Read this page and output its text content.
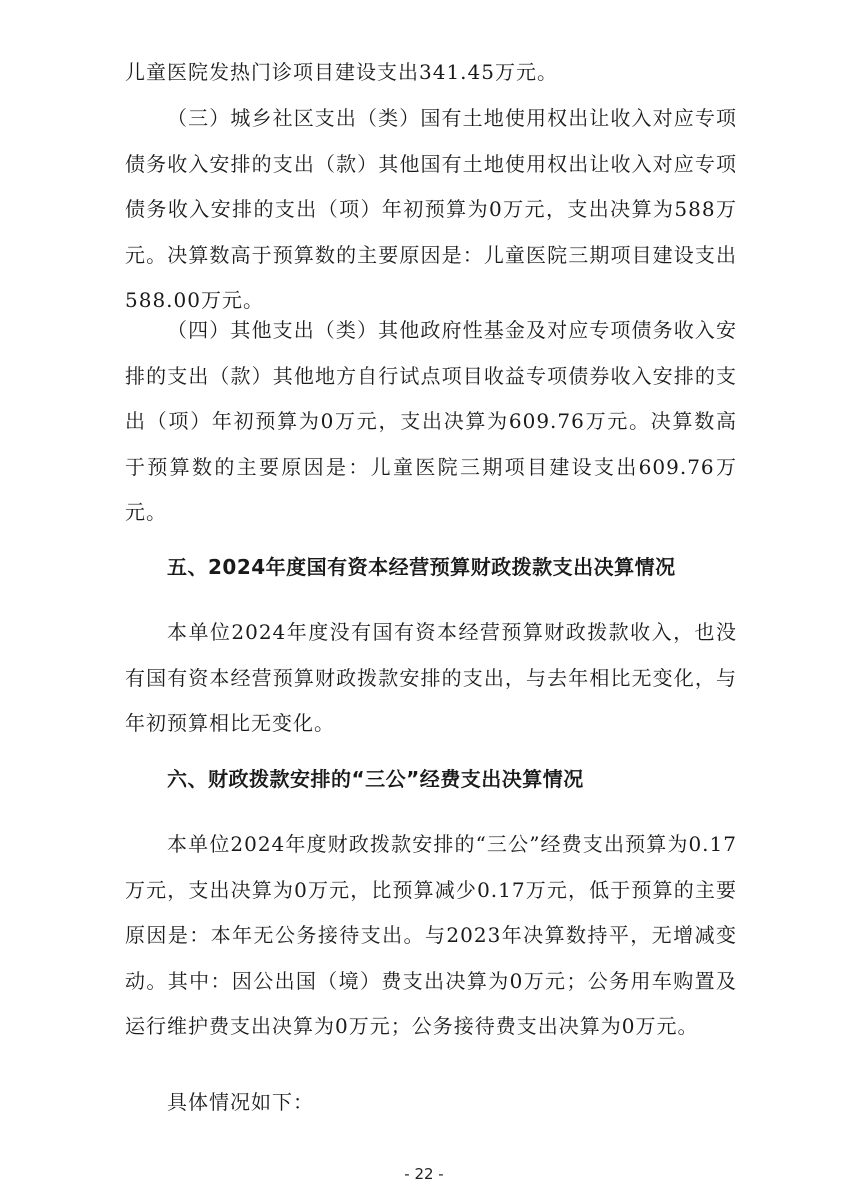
儿童医院发热门诊项目建设支出341.45万元。

（三）城乡社区支出（类）国有土地使用权出让收入对应专项债务收入安排的支出（款）其他国有土地使用权出让收入对应专项债务收入安排的支出（项）年初预算为0万元，支出决算为588万元。决算数高于预算数的主要原因是：儿童医院三期项目建设支出588.00万元。

（四）其他支出（类）其他政府性基金及对应专项债务收入安排的支出（款）其他地方自行试点项目收益专项债券收入安排的支出（项）年初预算为0万元，支出决算为609.76万元。决算数高于预算数的主要原因是：儿童医院三期项目建设支出609.76万元。

五、2024年度国有资本经营预算财政拨款支出决算情况

本单位2024年度没有国有资本经营预算财政拨款收入，也没有国有资本经营预算财政拨款安排的支出，与去年相比无变化，与年初预算相比无变化。

六、财政拨款安排的“三公”经费支出决算情况

本单位2024年度财政拨款安排的“三公”经费支出预算为0.17万元，支出决算为0万元，比预算减少0.17万元，低于预算的主要原因是：本年无公务接待支出。与2023年决算数持平，无增减变动。其中：因公出国（境）费支出决算为0万元；公务用车购置及运行维护费支出决算为0万元；公务接待费支出决算为0万元。

具体情况如下：

- 22 -
